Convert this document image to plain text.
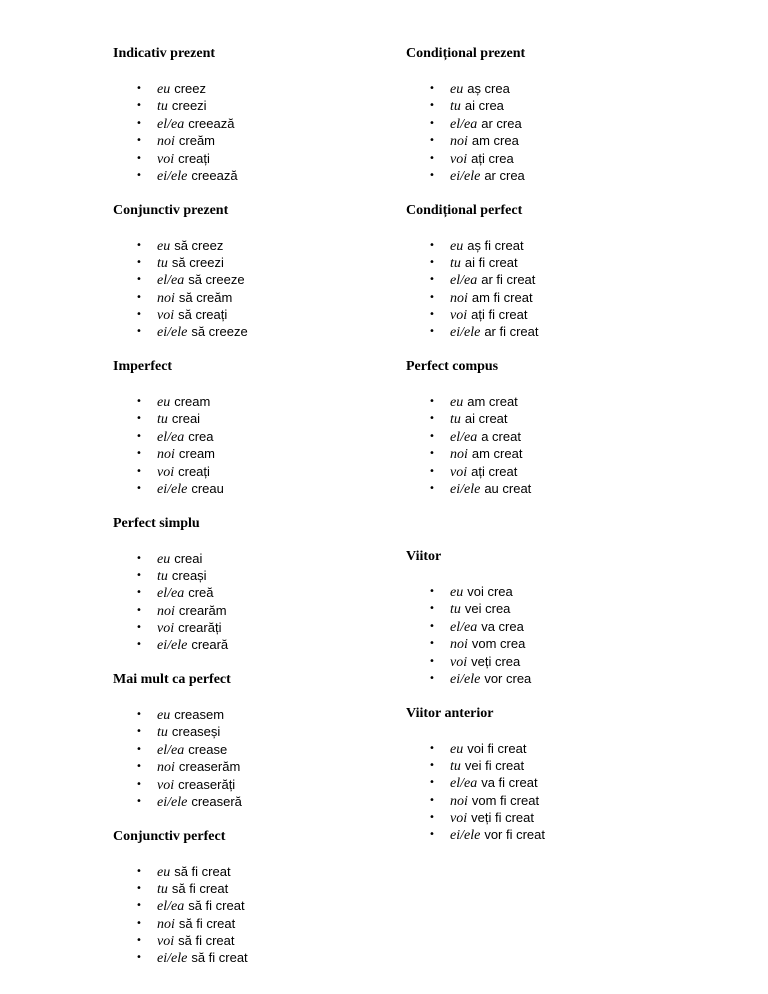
Indicativ prezent
• eu creez
• tu creezi
• el/ea creează
• noi creăm
• voi creați
• ei/ele creează
Conjunctiv prezent
• eu să creez
• tu să creezi
• el/ea să creeze
• noi să creăm
• voi să creați
• ei/ele să creeze
Imperfect
• eu cream
• tu creai
• el/ea crea
• noi cream
• voi creați
• ei/ele creau
Perfect simplu
• eu creai
• tu creași
• el/ea creă
• noi crearăm
• voi crearăți
• ei/ele creară
Mai mult ca perfect
• eu creasem
• tu creaseși
• el/ea crease
• noi creaserăm
• voi creaserăți
• ei/ele creaseră
Conjunctiv perfect
• eu să fi creat
• tu să fi creat
• el/ea să fi creat
• noi să fi creat
• voi să fi creat
• ei/ele să fi creat
Condițional prezent
• eu aș crea
• tu ai crea
• el/ea ar crea
• noi am crea
• voi ați crea
• ei/ele ar crea
Condițional perfect
• eu aș fi creat
• tu ai fi creat
• el/ea ar fi creat
• noi am fi creat
• voi ați fi creat
• ei/ele ar fi creat
Perfect compus
• eu am creat
• tu ai creat
• el/ea a creat
• noi am creat
• voi ați creat
• ei/ele au creat
Viitor
• eu voi crea
• tu vei crea
• el/ea va crea
• noi vom crea
• voi veți crea
• ei/ele vor crea
Viitor anterior
• eu voi fi creat
• tu vei fi creat
• el/ea va fi creat
• noi vom fi creat
• voi veți fi creat
• ei/ele vor fi creat
